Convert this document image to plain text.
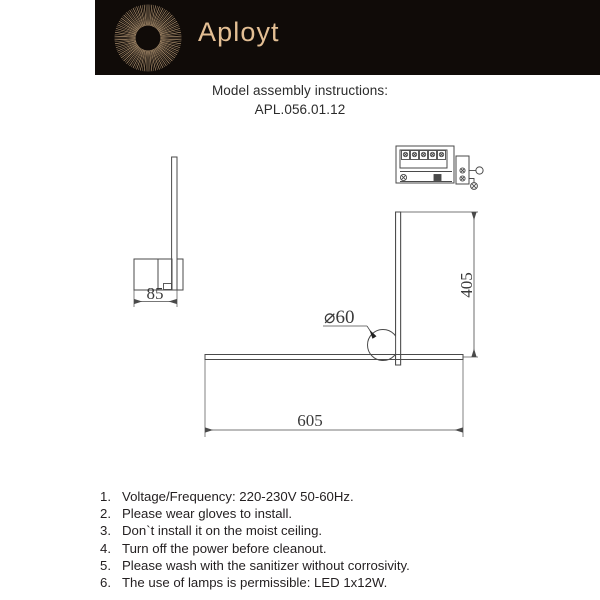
Aployt
Model assembly instructions:
APL.056.01.12
85
⌀60
405
605
1. Voltage/Frequency: 220-230V 50-60Hz.
2. Please wear gloves to install.
3. Don`t install it on the moist ceiling.
4. Turn off the power before cleanout.
5. Please wash with the sanitizer without corrosivity.
6. The use of lamps is permissible: LED 1x12W.
